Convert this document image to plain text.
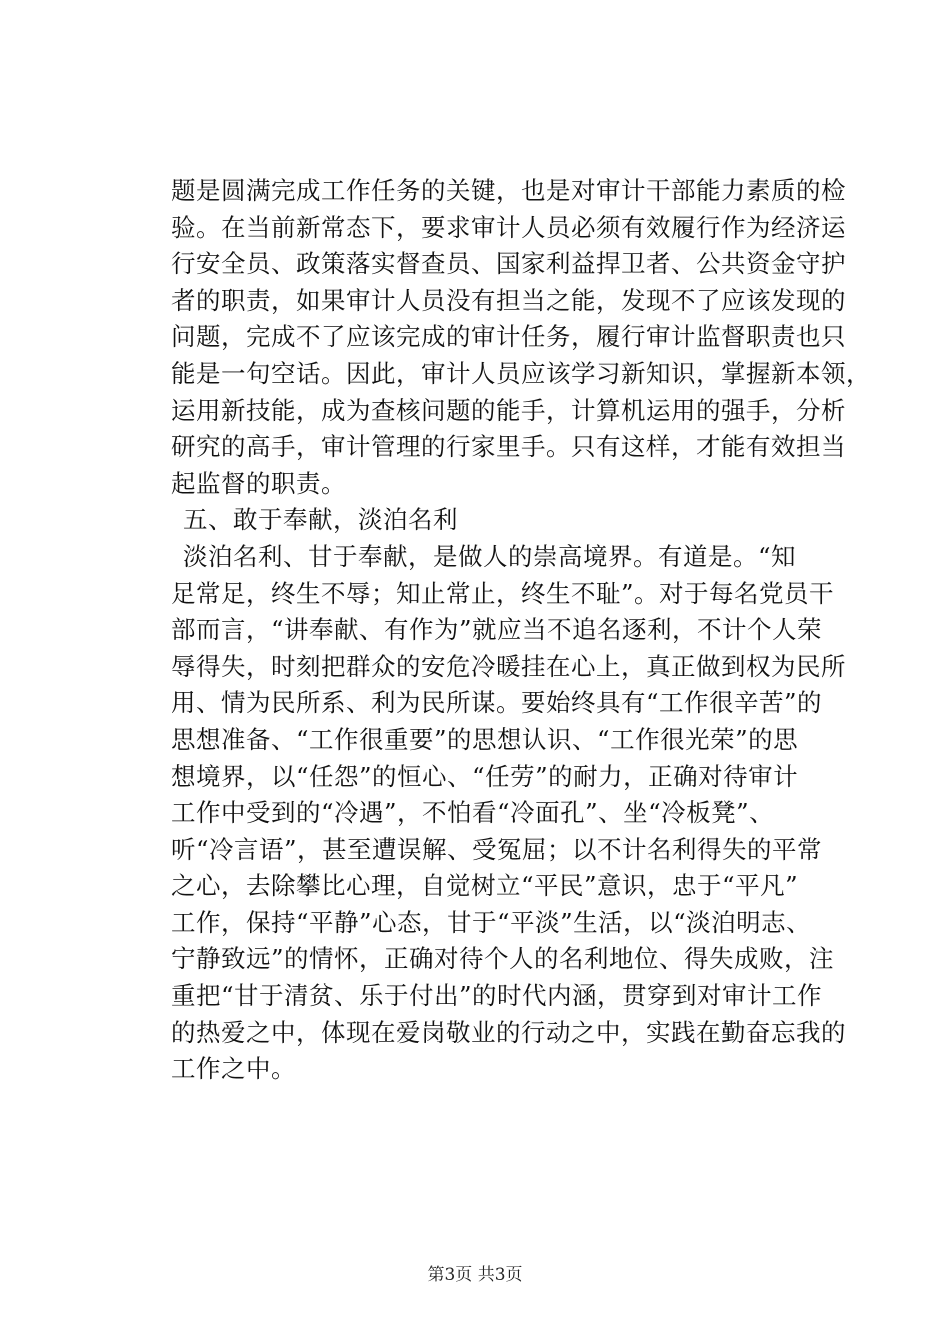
题是圆满完成工作任务的关键，也是对审计干部能力素质的检
验。在当前新常态下，要求审计人员必须有效履行作为经济运
行安全员、政策落实督查员、国家利益捍卫者、公共资金守护
者的职责，如果审计人员没有担当之能，发现不了应该发现的
问题，完成不了应该完成的审计任务，履行审计监督职责也只
能是一句空话。因此，审计人员应该学习新知识，掌握新本领，
运用新技能，成为查核问题的能手，计算机运用的强手，分析
研究的高手，审计管理的行家里手。只有这样，才能有效担当
起监督的职责。
五、敢于奉献，淡泊名利
淡泊名利、甘于奉献，是做人的崇高境界。有道是。“知
足常足，终生不辱；知止常止，终生不耻”。对于每名党员干
部而言，“讲奉献、有作为”就应当不追名逐利，不计个人荣
辱得失，时刻把群众的安危冷暖挂在心上，真正做到权为民所
用、情为民所系、利为民所谋。要始终具有“工作很辛苦”的
思想准备、“工作很重要”的思想认识、“工作很光荣”的思
想境界，以“任怨”的恒心、“任劳”的耐力，正确对待审计
工作中受到的“冷遇”，不怕看“冷面孔”、坐“冷板凳”、
听“冷言语”，甚至遭误解、受冤屈；以不计名利得失的平常
之心，去除攀比心理，自觉树立“平民”意识，忠于“平凡”
工作，保持“平静”心态，甘于“平淡”生活，以“淡泊明志、
宁静致远”的情怀，正确对待个人的名利地位、得失成败，注
重把“甘于清贫、乐于付出”的时代内涵，贯穿到对审计工作
的热爱之中，体现在爱岗敬业的行动之中，实践在勤奋忘我的
工作之中。
第3页 共3页
